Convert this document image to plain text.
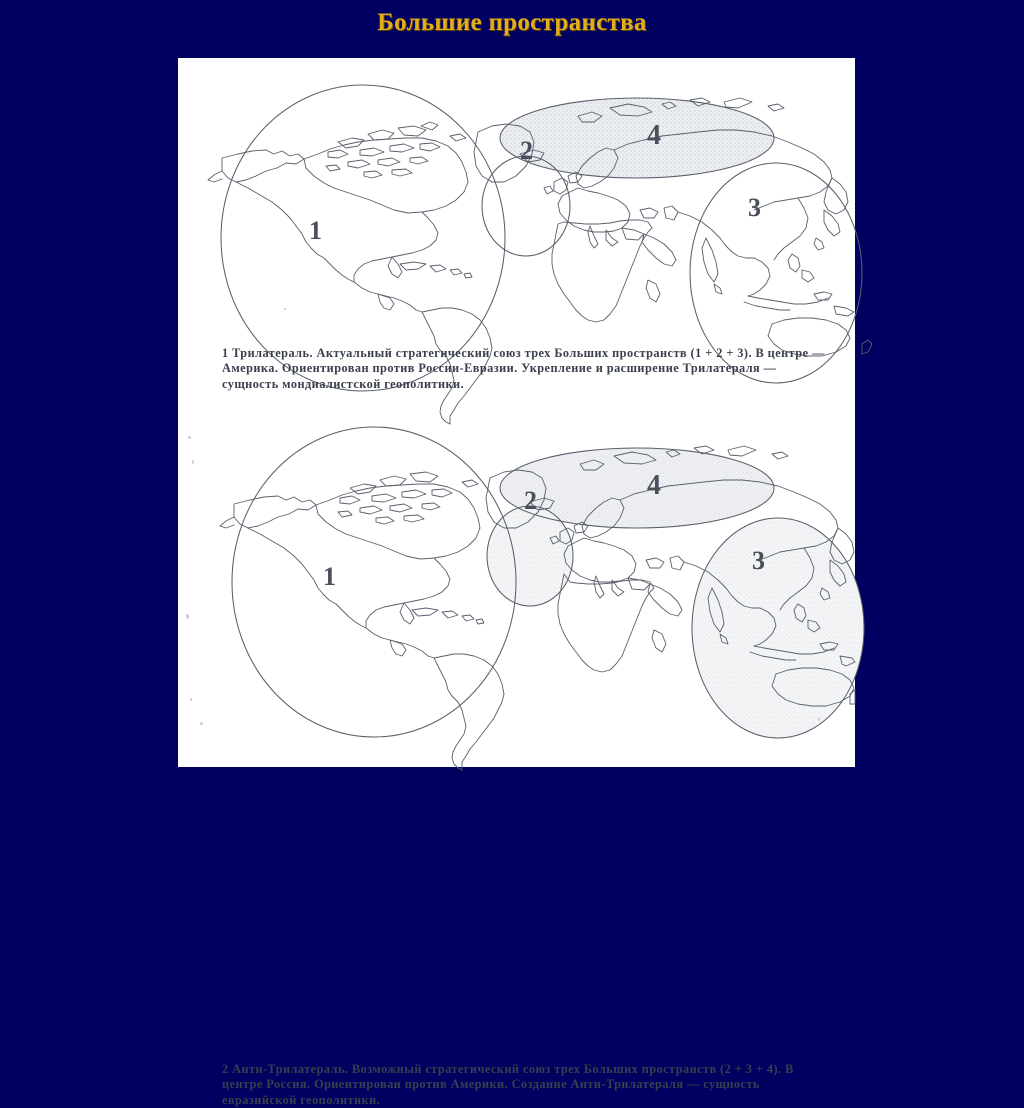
Большие пространства
1
2
3
4
1 Трилатераль. Актуальный стратегический союз трех Больших пространств (1 + 2 + 3). В центре — Америка. Ориентирован против России-Евразии. Укрепление и расширение Трилатераля — сущность мондиалистской геополитики.
1
2
3
4
2 Анти-Трилатераль. Возможный стратегический союз трех Больших пространств (2 + 3 + 4). В центре Россия. Ориентирован против Америки. Создание Анти-Трилатераля — сущность евразийской геополитики.
